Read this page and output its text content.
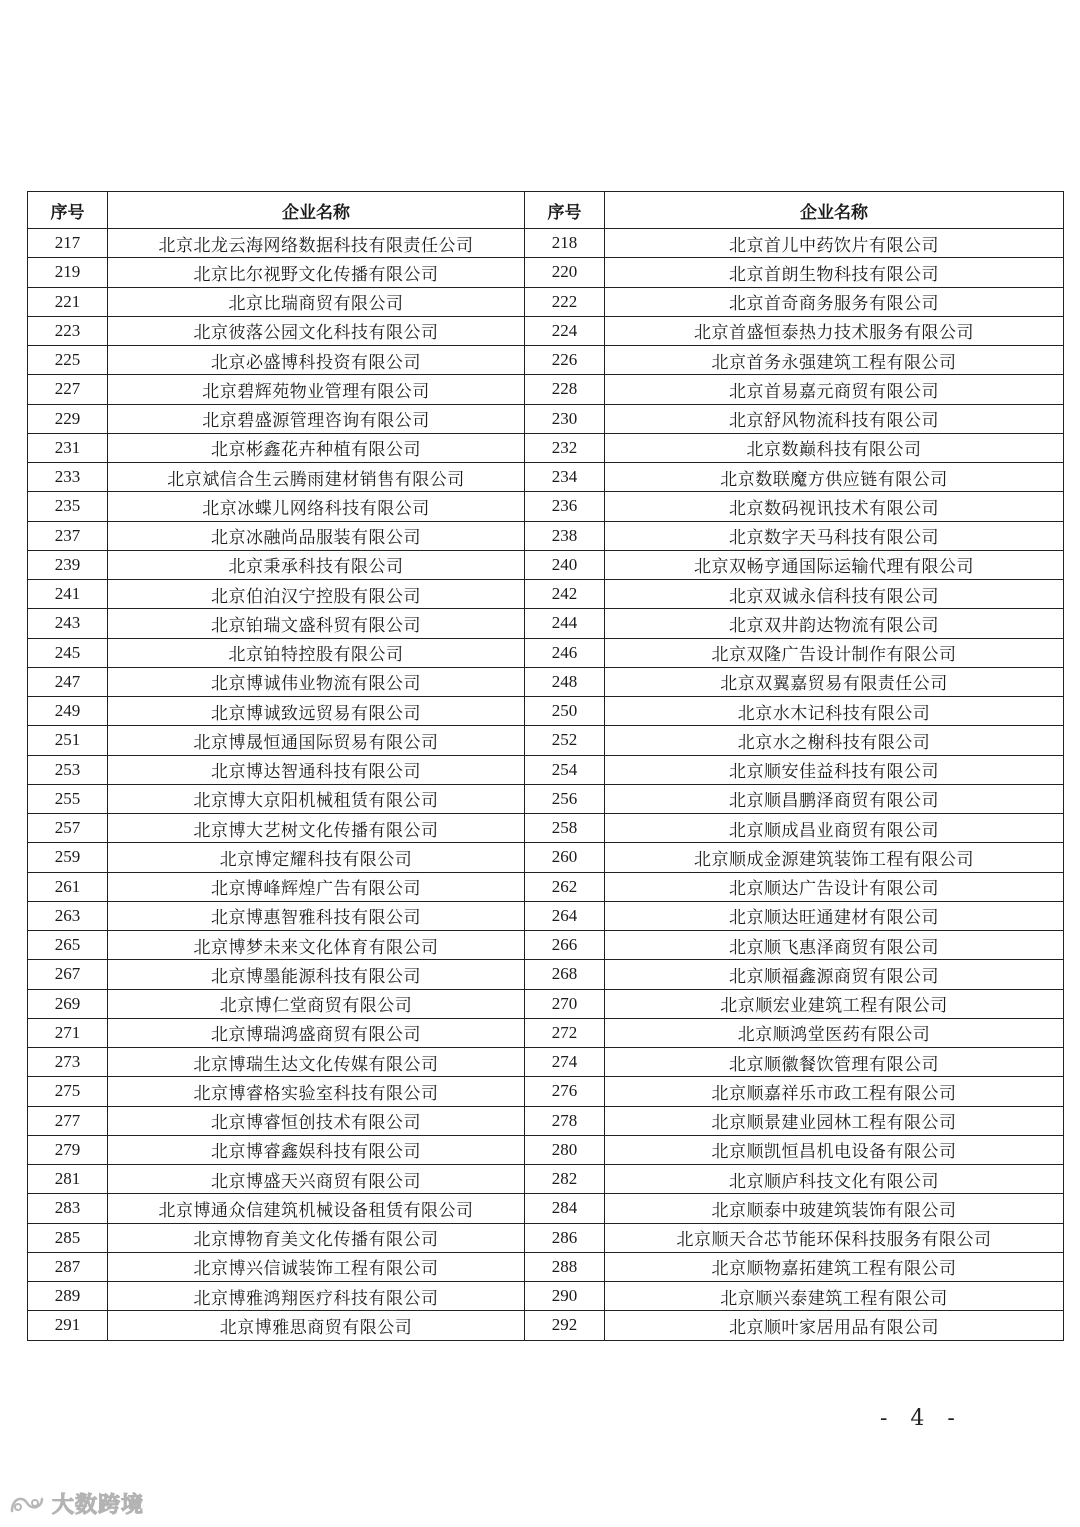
序号	企业名称	序号	企业名称
217	北京北龙云海网络数据科技有限责任公司	218	北京首儿中药饮片有限公司
219	北京比尔视野文化传播有限公司	220	北京首朗生物科技有限公司
221	北京比瑞商贸有限公司	222	北京首奇商务服务有限公司
223	北京彼落公园文化科技有限公司	224	北京首盛恒泰热力技术服务有限公司
225	北京必盛博科投资有限公司	226	北京首务永强建筑工程有限公司
227	北京碧辉苑物业管理有限公司	228	北京首易嘉元商贸有限公司
229	北京碧盛源管理咨询有限公司	230	北京舒风物流科技有限公司
231	北京彬鑫花卉种植有限公司	232	北京数巅科技有限公司
233	北京斌信合生云腾雨建材销售有限公司	234	北京数联魔方供应链有限公司
235	北京冰蝶儿网络科技有限公司	236	北京数码视讯技术有限公司
237	北京冰融尚品服装有限公司	238	北京数字天马科技有限公司
239	北京秉承科技有限公司	240	北京双畅亨通国际运输代理有限公司
241	北京伯泊汉宁控股有限公司	242	北京双诚永信科技有限公司
243	北京铂瑞文盛科贸有限公司	244	北京双井韵达物流有限公司
245	北京铂特控股有限公司	246	北京双隆广告设计制作有限公司
247	北京博诚伟业物流有限公司	248	北京双翼嘉贸易有限责任公司
249	北京博诚致远贸易有限公司	250	北京水木记科技有限公司
251	北京博晟恒通国际贸易有限公司	252	北京水之榭科技有限公司
253	北京博达智通科技有限公司	254	北京顺安佳益科技有限公司
255	北京博大京阳机械租赁有限公司	256	北京顺昌鹏泽商贸有限公司
257	北京博大艺树文化传播有限公司	258	北京顺成昌业商贸有限公司
259	北京博定耀科技有限公司	260	北京顺成金源建筑装饰工程有限公司
261	北京博峰辉煌广告有限公司	262	北京顺达广告设计有限公司
263	北京博惠智雅科技有限公司	264	北京顺达旺通建材有限公司
265	北京博梦未来文化体育有限公司	266	北京顺飞惠泽商贸有限公司
267	北京博墨能源科技有限公司	268	北京顺福鑫源商贸有限公司
269	北京博仁堂商贸有限公司	270	北京顺宏业建筑工程有限公司
271	北京博瑞鸿盛商贸有限公司	272	北京顺鸿堂医药有限公司
273	北京博瑞生达文化传媒有限公司	274	北京顺徽餐饮管理有限公司
275	北京博睿格实验室科技有限公司	276	北京顺嘉祥乐市政工程有限公司
277	北京博睿恒创技术有限公司	278	北京顺景建业园林工程有限公司
279	北京博睿鑫娱科技有限公司	280	北京顺凯恒昌机电设备有限公司
281	北京博盛天兴商贸有限公司	282	北京顺庐科技文化有限公司
283	北京博通众信建筑机械设备租赁有限公司	284	北京顺泰中玻建筑装饰有限公司
285	北京博物育美文化传播有限公司	286	北京顺天合芯节能环保科技服务有限公司
287	北京博兴信诚装饰工程有限公司	288	北京顺物嘉拓建筑工程有限公司
289	北京博雅鸿翔医疗科技有限公司	290	北京顺兴泰建筑工程有限公司
291	北京博雅思商贸有限公司	292	北京顺叶家居用品有限公司
- 4 -
大数跨境
